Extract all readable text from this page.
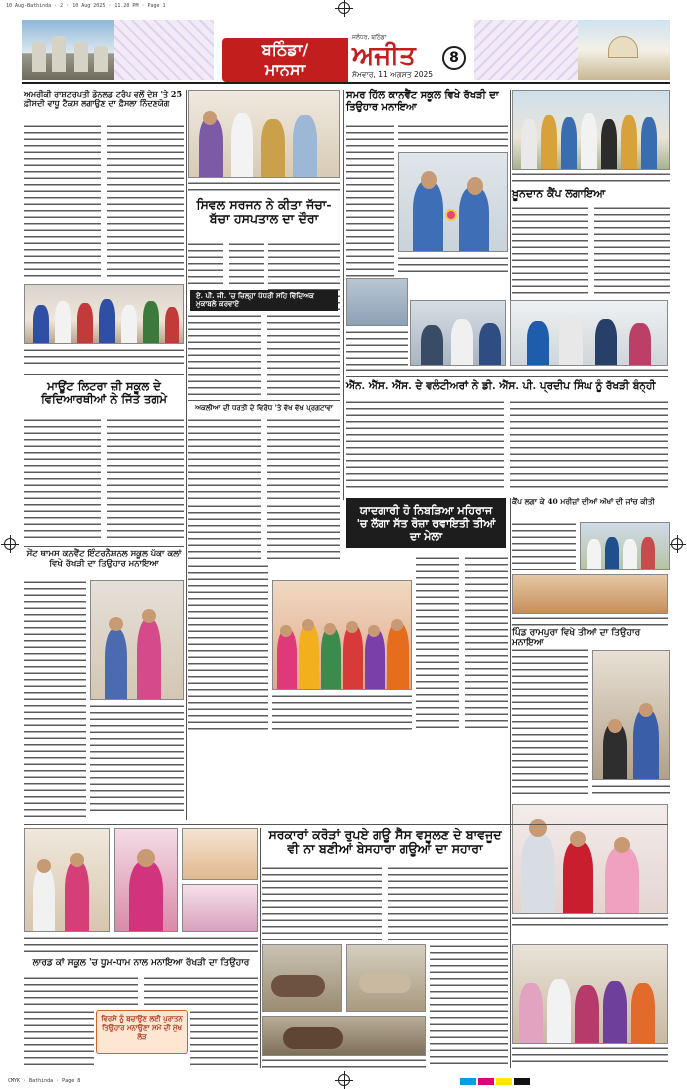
10 Aug-Bathinda · 2 · 10 Aug 2025 · 11.20 PM · Page 1
ਬਠਿੰਡਾ/
ਮਾਨਸਾ
ਜਲੰਧਰ, ਬਠਿੰਡਾ
ਅਜੀਤ
ਸੋਮਵਾਰ, 11 ਅਗਸਤ 2025
8
ਅਮਰੀਕੀ ਰਾਸ਼ਟਰਪਤੀ ਡੋਨਲਡ ਟਰੰਪ ਵਲੋਂ ਦੇਸ਼ 'ਤੇ 25 ਫ਼ੀਸਦੀ ਵਾਧੂ ਟੈਕਸ ਲਗਾਉਣ ਦਾ ਫ਼ੈਸਲਾ ਨਿੰਦਣਯੋਗ
ਮਾਊਂਟ ਲਿਟਰਾ ਜ਼ੀ ਸਕੂਲ ਦੇ ਵਿਦਿਆਰਥੀਆਂ ਨੇ ਜਿੱਤੇ ਤਗਮੇ
ਸੇਂਟ ਥਾਮਸ ਕਨਵੈਂਟ ਇੰਟਰਨੈਸ਼ਨਲ ਸਕੂਲ ਪੱਕਾ ਕਲਾਂ ਵਿਖੇ ਰੱਖੜੀ ਦਾ ਤਿਉਹਾਰ ਮਨਾਇਆ
ਸਿਵਲ ਸਰਜਨ ਨੇ ਕੀਤਾ ਜੱਚਾ-ਬੱਚਾ ਹਸਪਤਾਲ ਦਾ ਦੌਰਾ
ਏ. ਪੀ. ਜੀ. 'ਚ ਜ਼ਿਲ੍ਹਾ ਪੱਧਰੀ ਸਹਿ ਵਿੱਦਿਅਕ ਮੁਕਾਬਲੇ ਕਰਵਾਏ
ਅਕਲੀਆ ਦੀ ਧਰਤੀ ਦੇ ਵਿਰੋਧ 'ਤੇ ਵੱਖ ਵੱਖ ਪ੍ਰਗਟਾਵਾ
ਸਮਰ ਹਿੱਲ ਕਾਨਵੈਂਟ ਸਕੂਲ ਵਿਖੇ ਰੱਖੜੀ ਦਾ ਤਿਉਹਾਰ ਮਨਾਇਆ
ਖ਼ੂਨਦਾਨ ਕੈਂਪ ਲਗਾਇਆ
ਐੱਨ. ਐੱਸ. ਐੱਸ. ਦੇ ਵਲੰਟੀਅਰਾਂ ਨੇ ਡੀ. ਐੱਸ. ਪੀ. ਪ੍ਰਦੀਪ ਸਿੰਘ ਨੂੰ ਰੱਖੜੀ ਬੰਨ੍ਹੀ
ਯਾਦਗਾਰੀ ਹੋ ਨਿਬੜਿਆ ਮਹਿਰਾਜ 'ਚ ਲੱਗਾ ਸੱਤ ਰੋਜ਼ਾ ਰਵਾਇਤੀ ਤੀਆਂ ਦਾ ਮੇਲਾ
ਕੈਂਪ ਲਗਾ ਕੇ 40 ਮਰੀਜ਼ਾਂ ਦੀਆਂ ਅੱਖਾਂ ਦੀ ਜਾਂਚ ਕੀਤੀ
ਪਿੰਡ ਰਾਮਪੁਰਾ ਵਿਖੇ ਤੀਆਂ ਦਾ ਤਿਉਹਾਰ ਮਨਾਇਆ
ਲਾਰਡ ਕਾਂ ਸਕੂਲ 'ਚ ਧੂਮ-ਧਾਮ ਨਾਲ ਮਨਾਇਆ ਰੱਖੜੀ ਦਾ ਤਿਉਹਾਰ
ਵਿਰਸੇ ਨੂੰ ਬਚਾਉਣ ਲਈ ਪੁਰਾਤਨ ਤਿਉਹਾਰ ਮਨਾਉਣਾ ਸਮੇਂ ਦੀ ਮੁੱਖ ਲੋੜ
ਸਰਕਾਰਾਂ ਕਰੋੜਾਂ ਰੁਪਏ ਗਊ ਸੈੱਸ ਵਸੂਲਣ ਦੇ ਬਾਵਜੂਦ ਵੀ ਨਾ ਬਣੀਆਂ ਬੇਸਹਾਰਾ ਗਊਆਂ ਦਾ ਸਹਾਰਾ
CMYK · Bathinda · Page 8
